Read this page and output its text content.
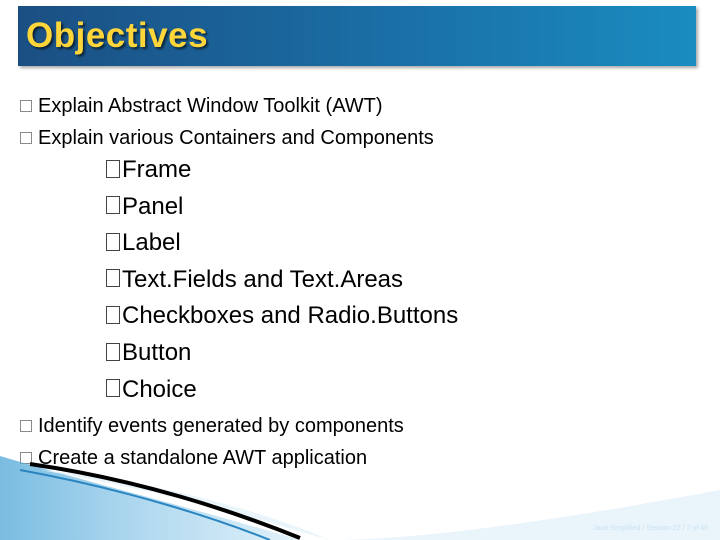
Objectives
Explain Abstract Window Toolkit (AWT)
Explain various Containers and Components
Frame
Panel
Label
Text.Fields and Text.Areas
Checkboxes and Radio.Buttons
Button
Choice
Identify events generated by components
Create a standalone AWT application
Java Simplified / Session 22 / 2 of 45
